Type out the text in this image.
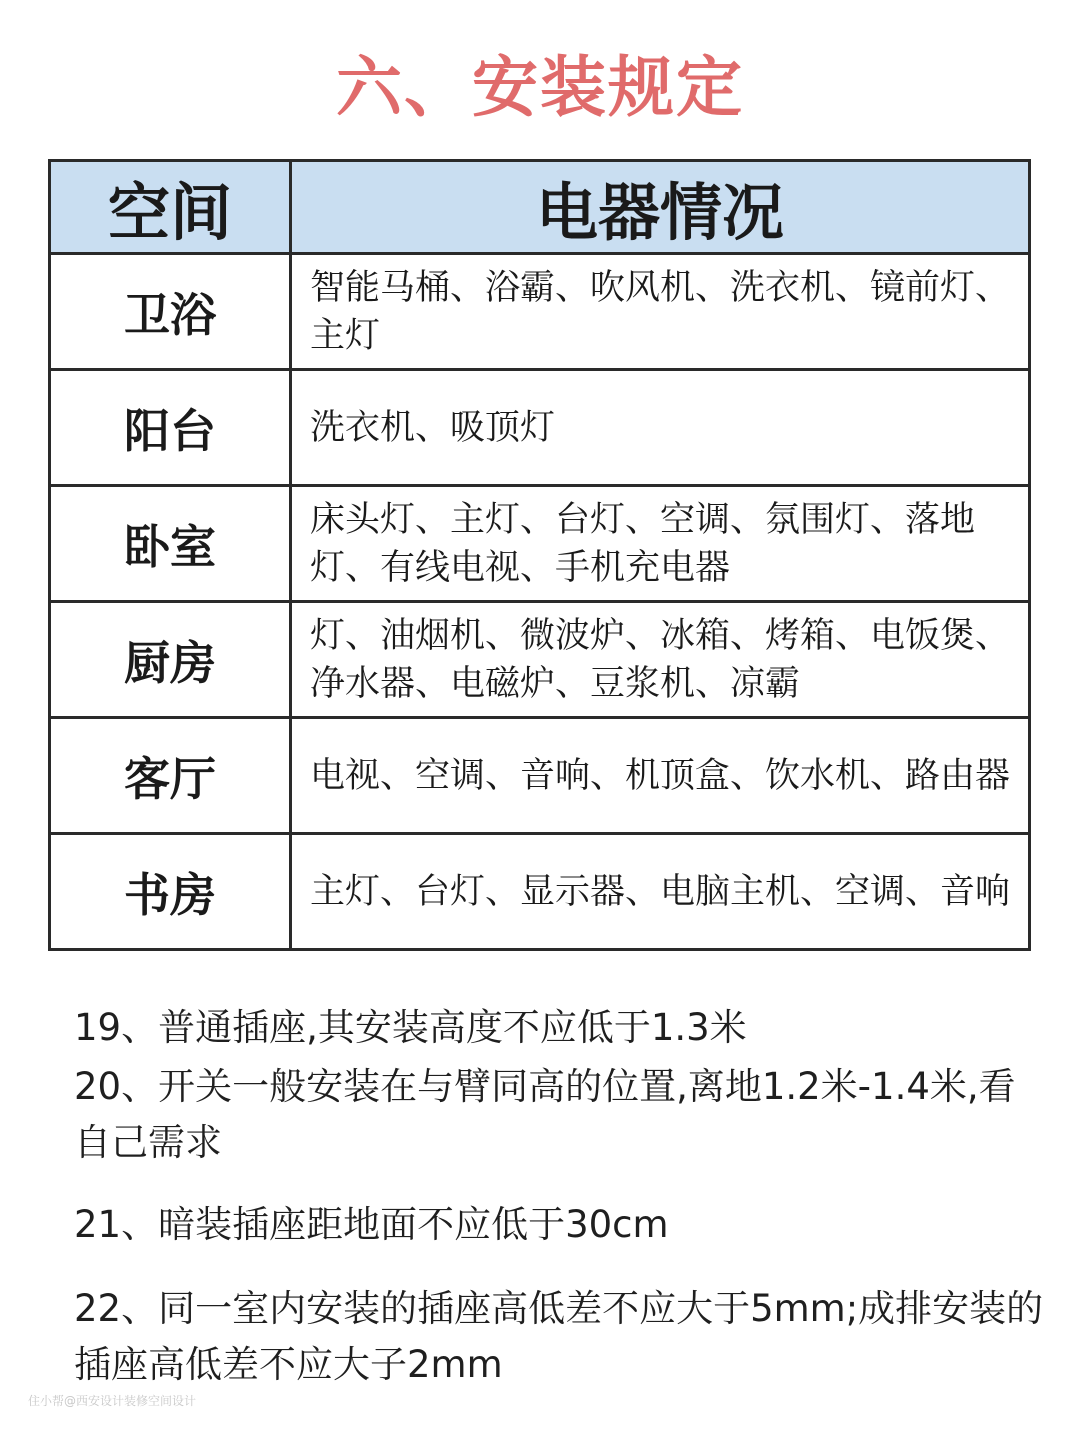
六、安装规定
空间	电器情况
卫浴	智能马桶、浴霸、吹风机、洗衣机、镜前灯、主灯
阳台	洗衣机、吸顶灯
卧室	床头灯、主灯、台灯、空调、氛围灯、落地灯、有线电视、手机充电器
厨房	灯、油烟机、微波炉、冰箱、烤箱、电饭煲、净水器、电磁炉、豆浆机、凉霸
客厅	电视、空调、音响、机顶盒、饮水机、路由器
书房	主灯、台灯、显示器、电脑主机、空调、音响

19、普通插座,其安装高度不应低于1.3米

20、开关一般安装在与臂同高的位置,离地1.2米-1.4米,看自己需求

21、暗装插座距地面不应低于30cm

22、同一室内安装的插座高低差不应大于5mm;成排安装的插座高低差不应大子2mm

住小帮@西安设计装修空间设计
